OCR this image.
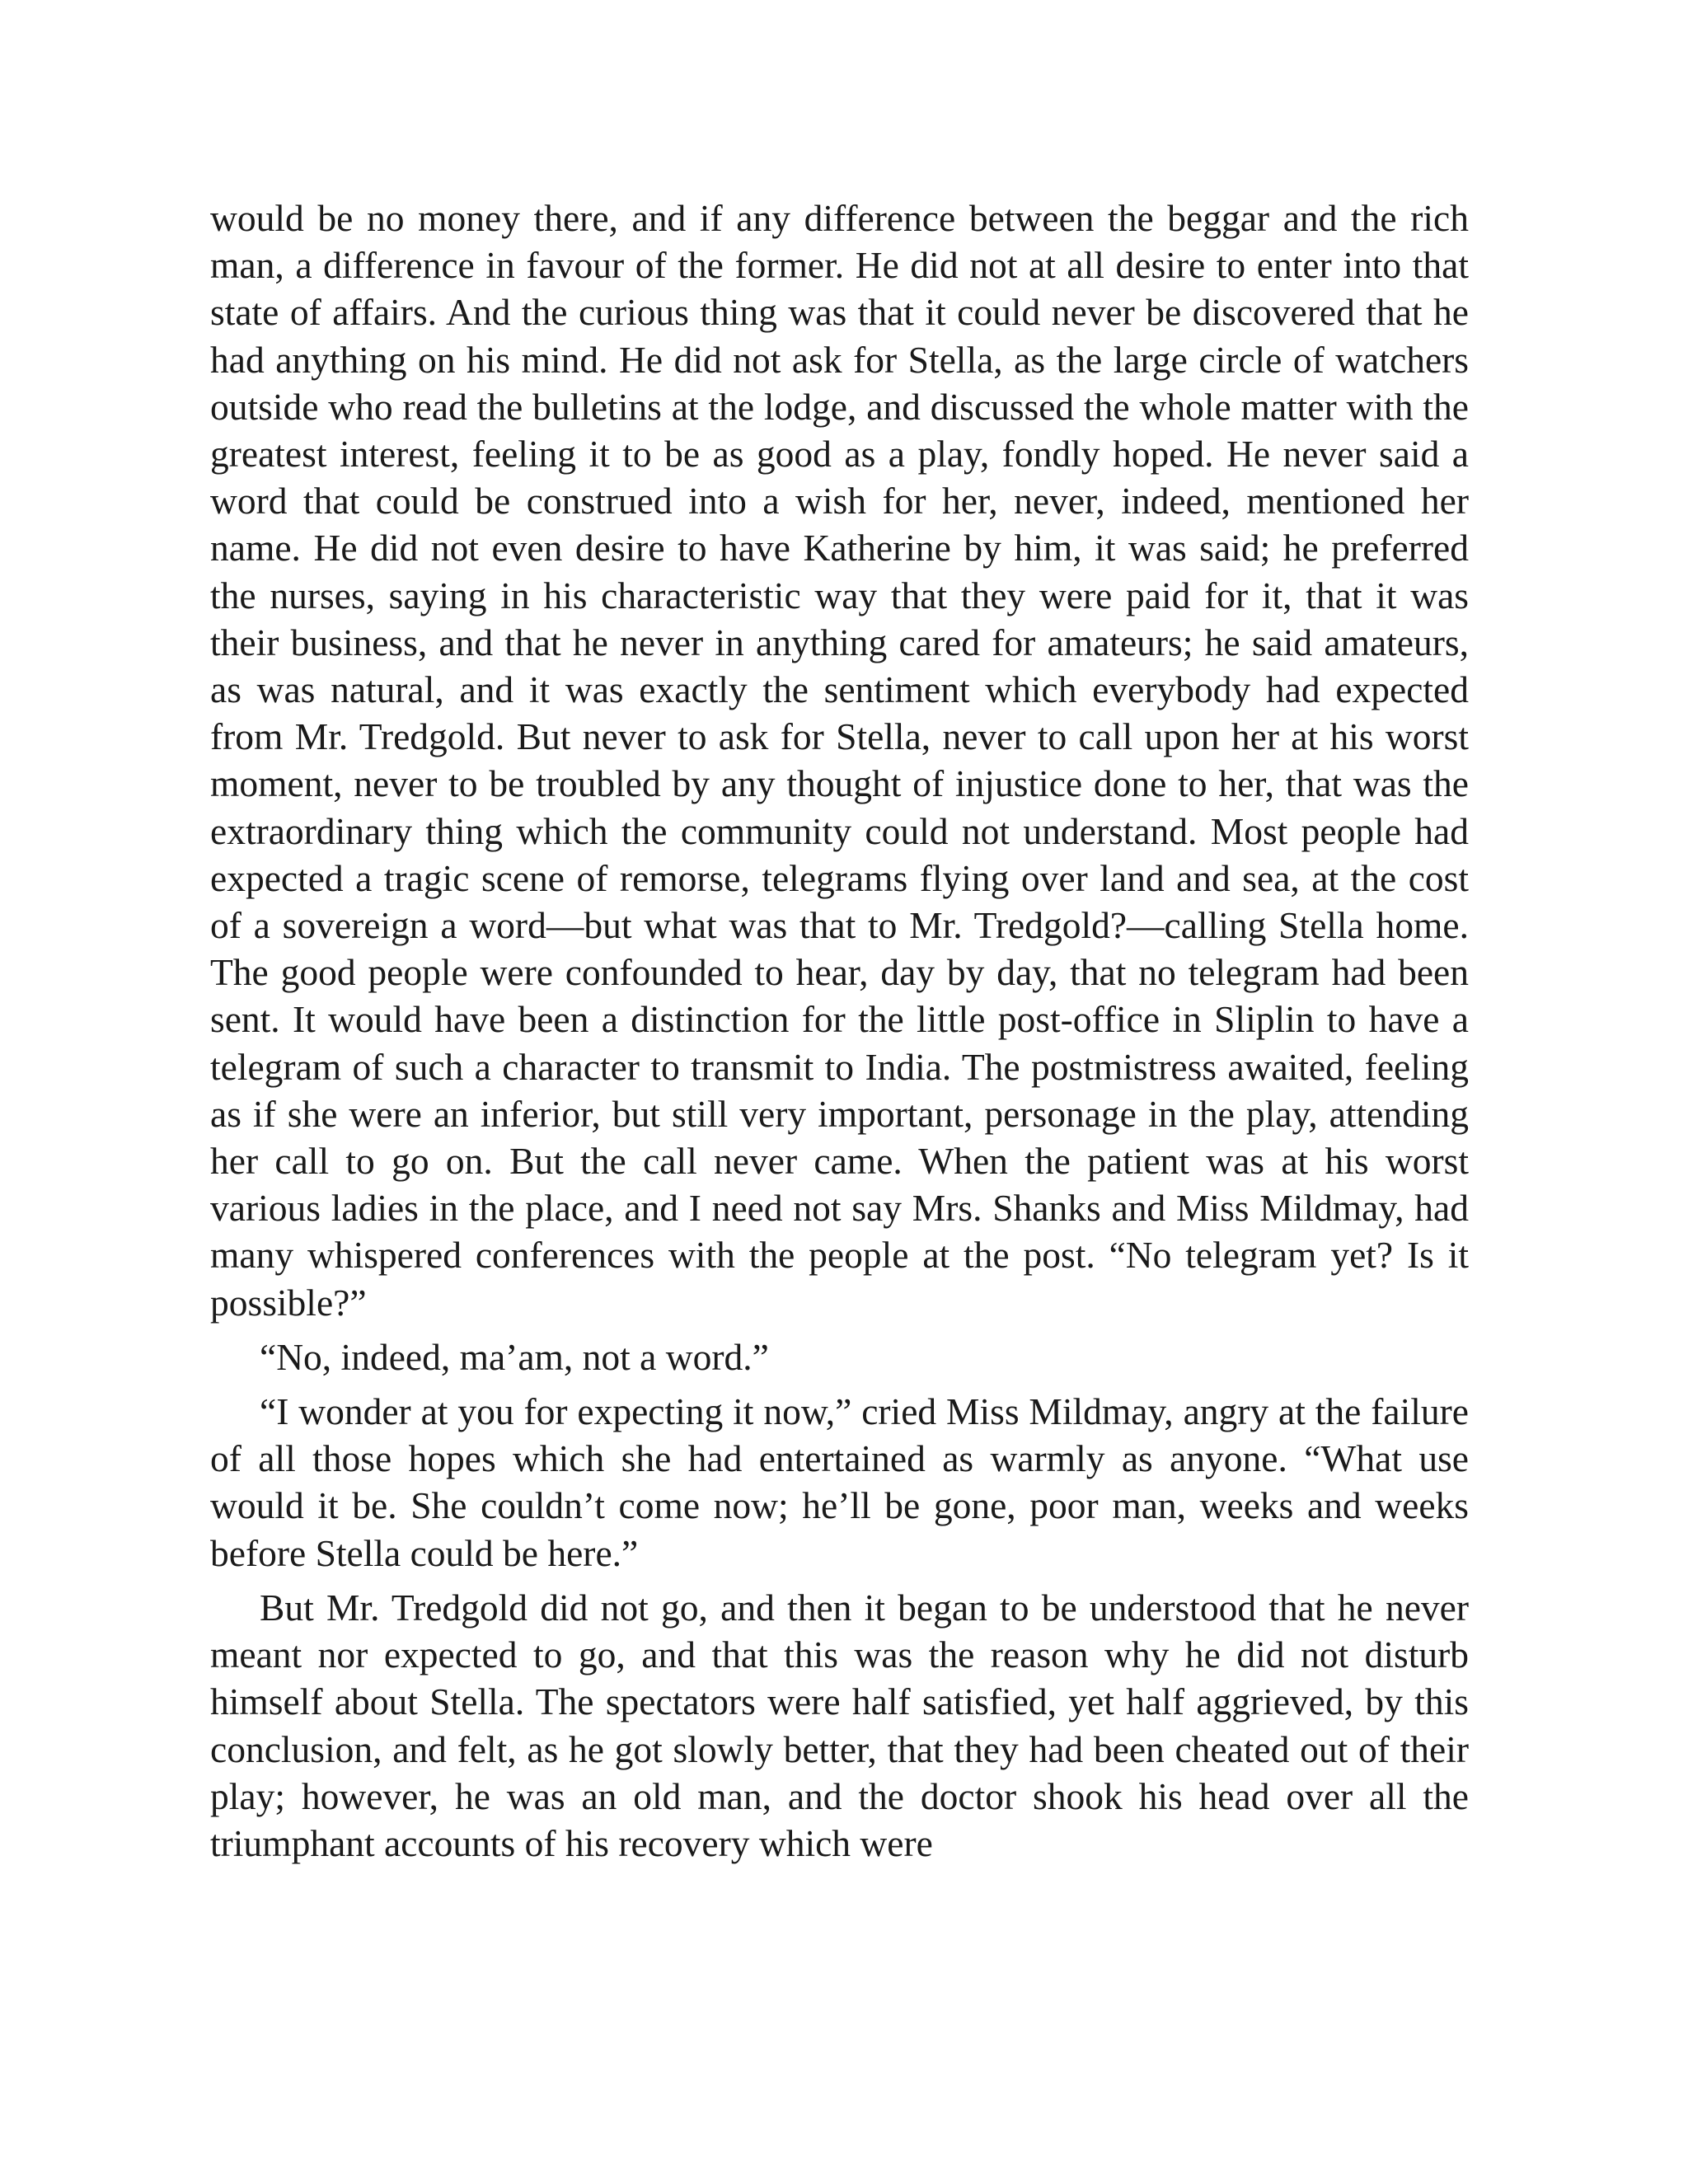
would be no money there, and if any difference between the beggar and the rich man, a difference in favour of the former. He did not at all desire to enter into that state of affairs. And the curious thing was that it could never be discovered that he had anything on his mind. He did not ask for Stella, as the large circle of watchers outside who read the bulletins at the lodge, and discussed the whole matter with the greatest interest, feeling it to be as good as a play, fondly hoped. He never said a word that could be construed into a wish for her, never, indeed, mentioned her name. He did not even desire to have Katherine by him, it was said; he preferred the nurses, saying in his characteristic way that they were paid for it, that it was their business, and that he never in anything cared for amateurs; he said amateurs, as was natural, and it was exactly the sentiment which everybody had expected from Mr. Tredgold. But never to ask for Stella, never to call upon her at his worst moment, never to be troubled by any thought of injustice done to her, that was the extraordinary thing which the community could not understand. Most people had expected a tragic scene of remorse, telegrams flying over land and sea, at the cost of a sovereign a word—but what was that to Mr. Tredgold?—calling Stella home. The good people were confounded to hear, day by day, that no telegram had been sent. It would have been a distinction for the little post-office in Sliplin to have a telegram of such a character to transmit to India. The postmistress awaited, feeling as if she were an inferior, but still very important, personage in the play, attending her call to go on. But the call never came. When the patient was at his worst various ladies in the place, and I need not say Mrs. Shanks and Miss Mildmay, had many whispered conferences with the people at the post. “No telegram yet? Is it possible?”

“No, indeed, ma’am, not a word.”

“I wonder at you for expecting it now,” cried Miss Mildmay, angry at the failure of all those hopes which she had entertained as warmly as anyone. “What use would it be. She couldn’t come now; he’ll be gone, poor man, weeks and weeks before Stella could be here.”

But Mr. Tredgold did not go, and then it began to be understood that he never meant nor expected to go, and that this was the reason why he did not disturb himself about Stella. The spectators were half satisfied, yet half aggrieved, by this conclusion, and felt, as he got slowly better, that they had been cheated out of their play; however, he was an old man, and the doctor shook his head over all the triumphant accounts of his recovery which were
